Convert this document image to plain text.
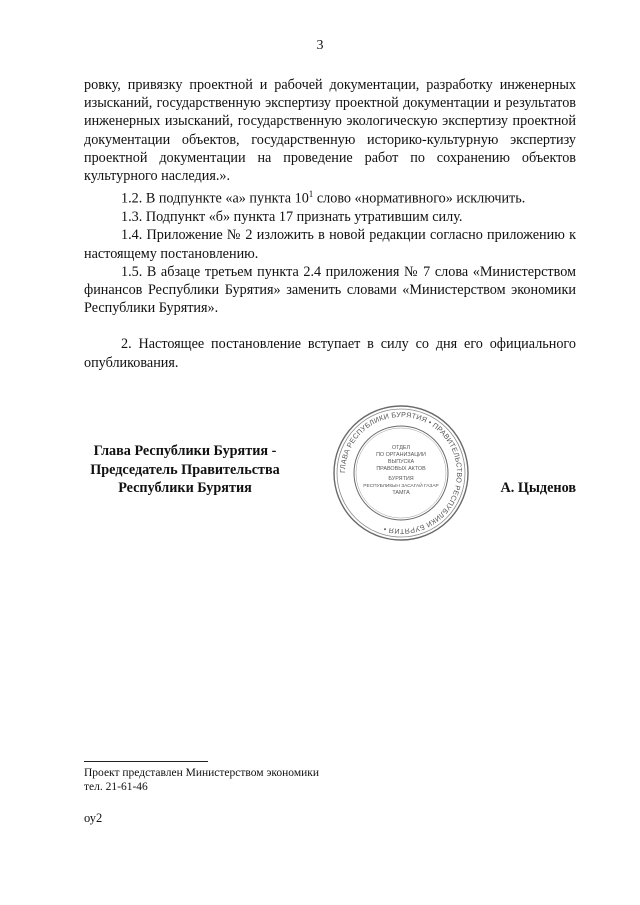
3

ровку, привязку проектной и рабочей документации, разработку инженерных изысканий, государственную экспертизу проектной документации и результатов инженерных изысканий, государственную экологическую экспертизу проектной документации объектов, государственную историко-культурную экспертизу проектной документации на проведение работ по сохранению объектов культурного наследия.».

1.2. В подпункте «а» пункта $10^1$ слово «нормативного» исключить.

1.3. Подпункт «б» пункта 17 признать утратившим силу.

1.4. Приложение № 2 изложить в новой редакции согласно приложению к настоящему постановлению.

1.5. В абзаце третьем пункта 2.4 приложения № 7 слова «Министерством финансов Республики Бурятия» заменить словами «Министерством экономики Республики Бурятия».

2. Настоящее постановление вступает в силу со дня его официального опубликования.

Глава Республики Бурятия -
Председатель Правительства
Республики Бурятия
ГЛАВА РЕСПУБЛИКИ БУРЯТИЯ • ПРАВИТЕЛЬСТВО РЕСПУБЛИКИ БУРЯТИЯ •
ОТДЕЛ
ПО ОРГАНИЗАЦИИ
ВЫПУСКА
ПРАВОВЫХ АКТОВ
БУРЯТИЯ
РЕСПУБЛИКЫН ЗАСАГАЙ ГАЗАР
ТАМГА	А. Цыденов
Проект представлен Министерством экономики
тел. 21-61-46
оу2
